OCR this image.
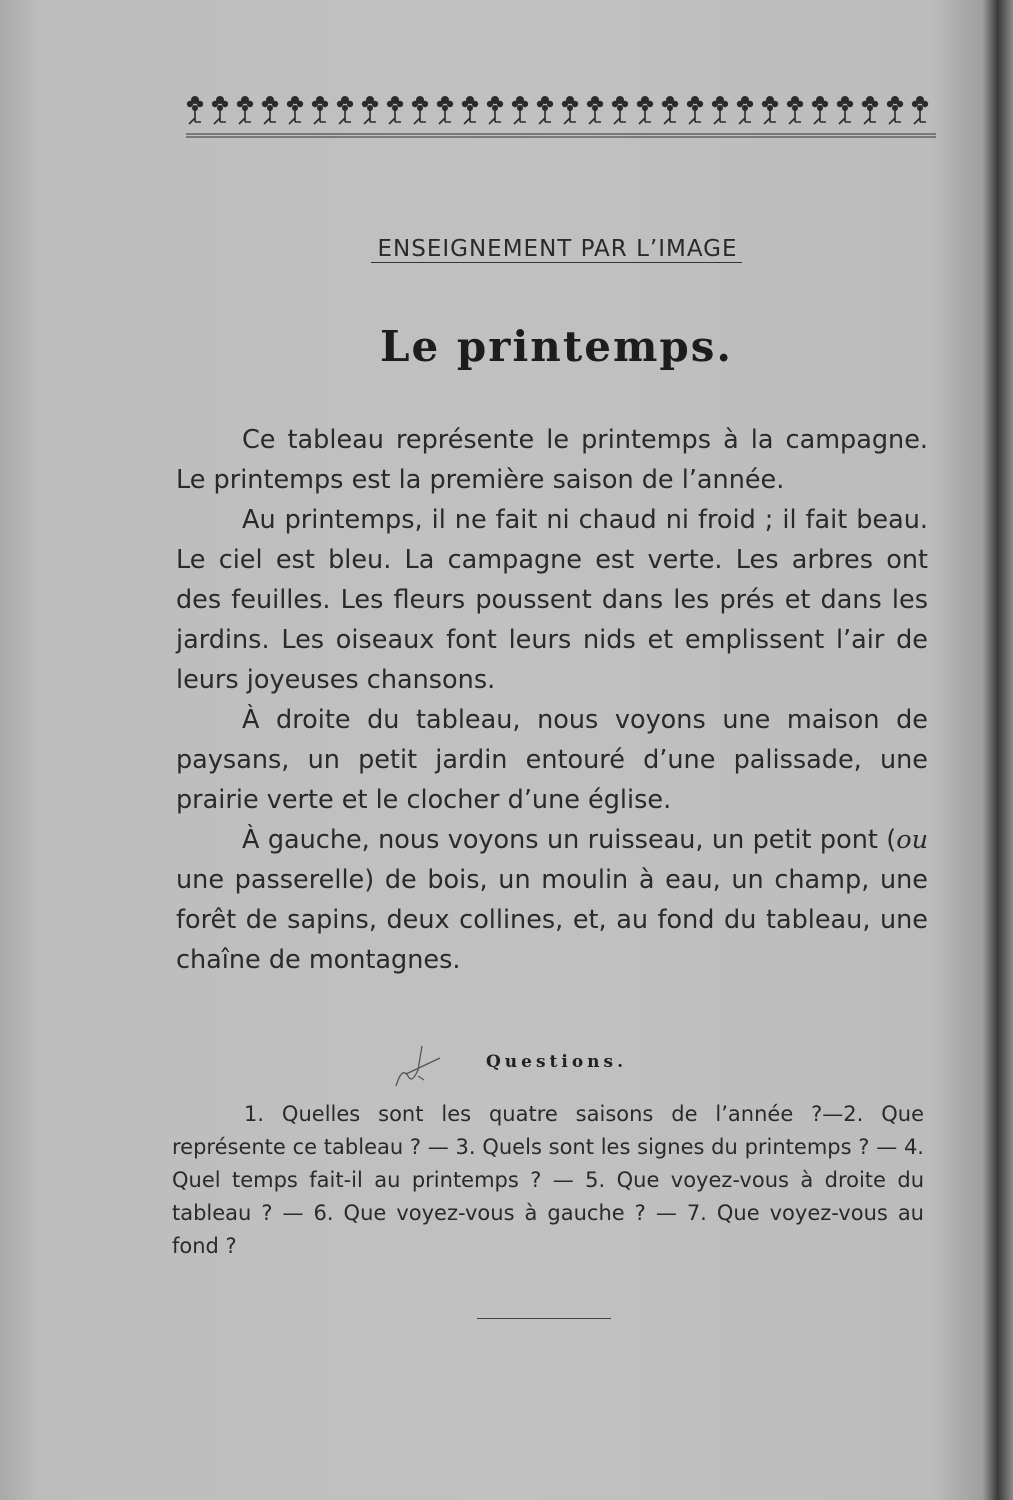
ENSEIGNEMENT PAR L’IMAGE
Le printemps.

Ce tableau représente le printemps à la campagne. Le printemps est la première saison de l’année.

Au printemps, il ne fait ni chaud ni froid ; il fait beau. Le ciel est bleu. La campagne est verte. Les arbres ont des feuilles. Les fleurs poussent dans les prés et dans les jardins. Les oiseaux font leurs nids et emplissent l’air de leurs joyeuses chansons.

À droite du tableau, nous voyons une maison de paysans, un petit jardin entouré d’une palissade, une prairie verte et le clocher d’une église.

À gauche, nous voyons un ruisseau, un petit pont (ou une passerelle) de bois, un moulin à eau, un champ, une forêt de sapins, deux collines, et, au fond du tableau, une chaîne de montagnes.

Questions.

1. Quelles sont les quatre saisons de l’année ?—2. Que représente ce tableau ? — 3. Quels sont les signes du printemps ? — 4. Quel temps fait-il au printemps ? — 5. Que voyez-vous à droite du tableau ? — 6. Que voyez-vous à gauche ? — 7. Que voyez-vous au fond ?
